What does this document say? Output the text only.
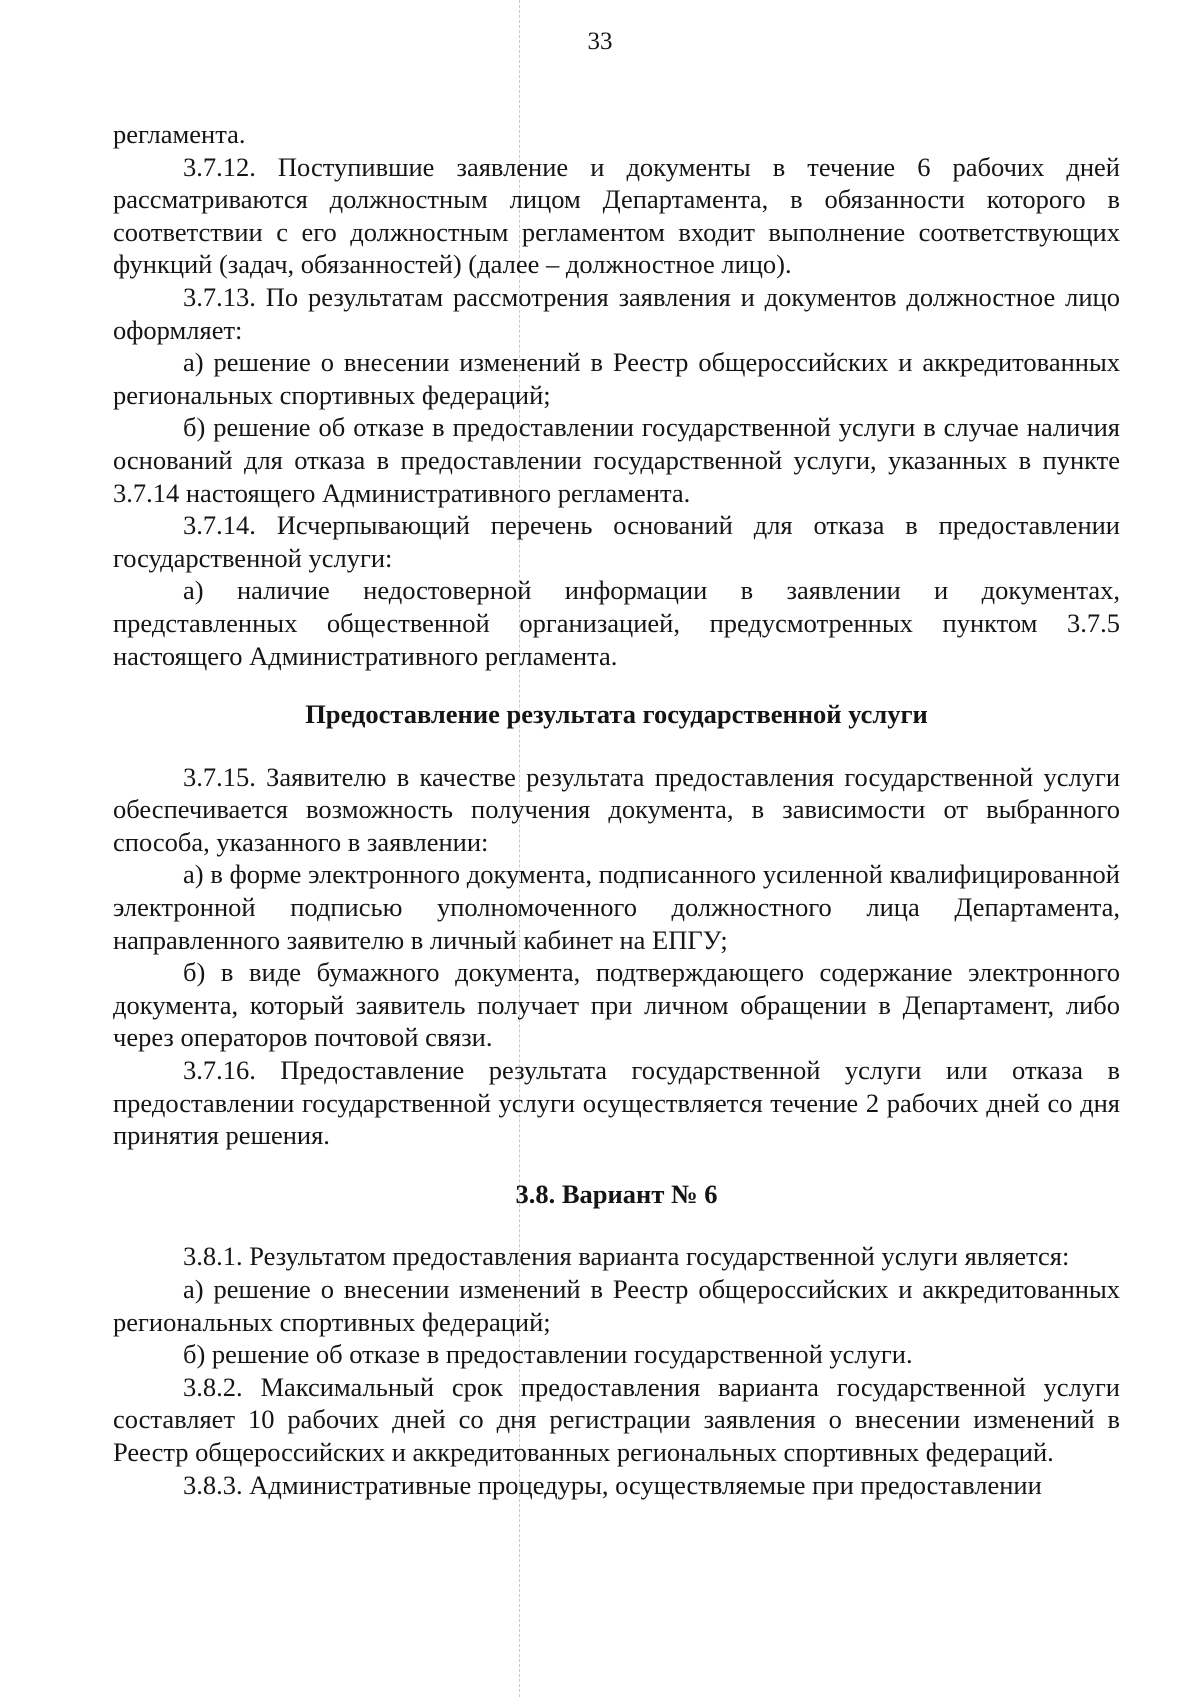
33

регламента.

3.7.12. Поступившие заявление и документы в течение 6 рабочих дней рассматриваются должностным лицом Департамента, в обязанности которого в соответствии с его должностным регламентом входит выполнение соответствующих функций (задач, обязанностей) (далее – должностное лицо).

3.7.13. По результатам рассмотрения заявления и документов должностное лицо оформляет:

а) решение о внесении изменений в Реестр общероссийских и аккредитованных региональных спортивных федераций;

б) решение об отказе в предоставлении государственной услуги в случае наличия оснований для отказа в предоставлении государственной услуги, указанных в пункте 3.7.14 настоящего Административного регламента.

3.7.14. Исчерпывающий перечень оснований для отказа в предоставлении государственной услуги:

а) наличие недостоверной информации в заявлении и документах, представленных общественной организацией, предусмотренных пунктом 3.7.5 настоящего Административного регламента.

Предоставление результата государственной услуги

3.7.15. Заявителю в качестве результата предоставления государственной услуги обеспечивается возможность получения документа, в зависимости от выбранного способа, указанного в заявлении:

а) в форме электронного документа, подписанного усиленной квалифицированной электронной подписью уполномоченного должностного лица Департамента, направленного заявителю в личный кабинет на ЕПГУ;

б) в виде бумажного документа, подтверждающего содержание электронного документа, который заявитель получает при личном обращении в Департамент, либо через операторов почтовой связи.

3.7.16. Предоставление результата государственной услуги или отказа в предоставлении государственной услуги осуществляется течение 2 рабочих дней со дня принятия решения.

3.8. Вариант № 6

3.8.1. Результатом предоставления варианта государственной услуги является:

а) решение о внесении изменений в Реестр общероссийских и аккредитованных региональных спортивных федераций;

б) решение об отказе в предоставлении государственной услуги.

3.8.2. Максимальный срок предоставления варианта государственной услуги составляет 10 рабочих дней со дня регистрации заявления о внесении изменений в Реестр общероссийских и аккредитованных региональных спортивных федераций.

3.8.3. Административные процедуры, осуществляемые при предоставлении
